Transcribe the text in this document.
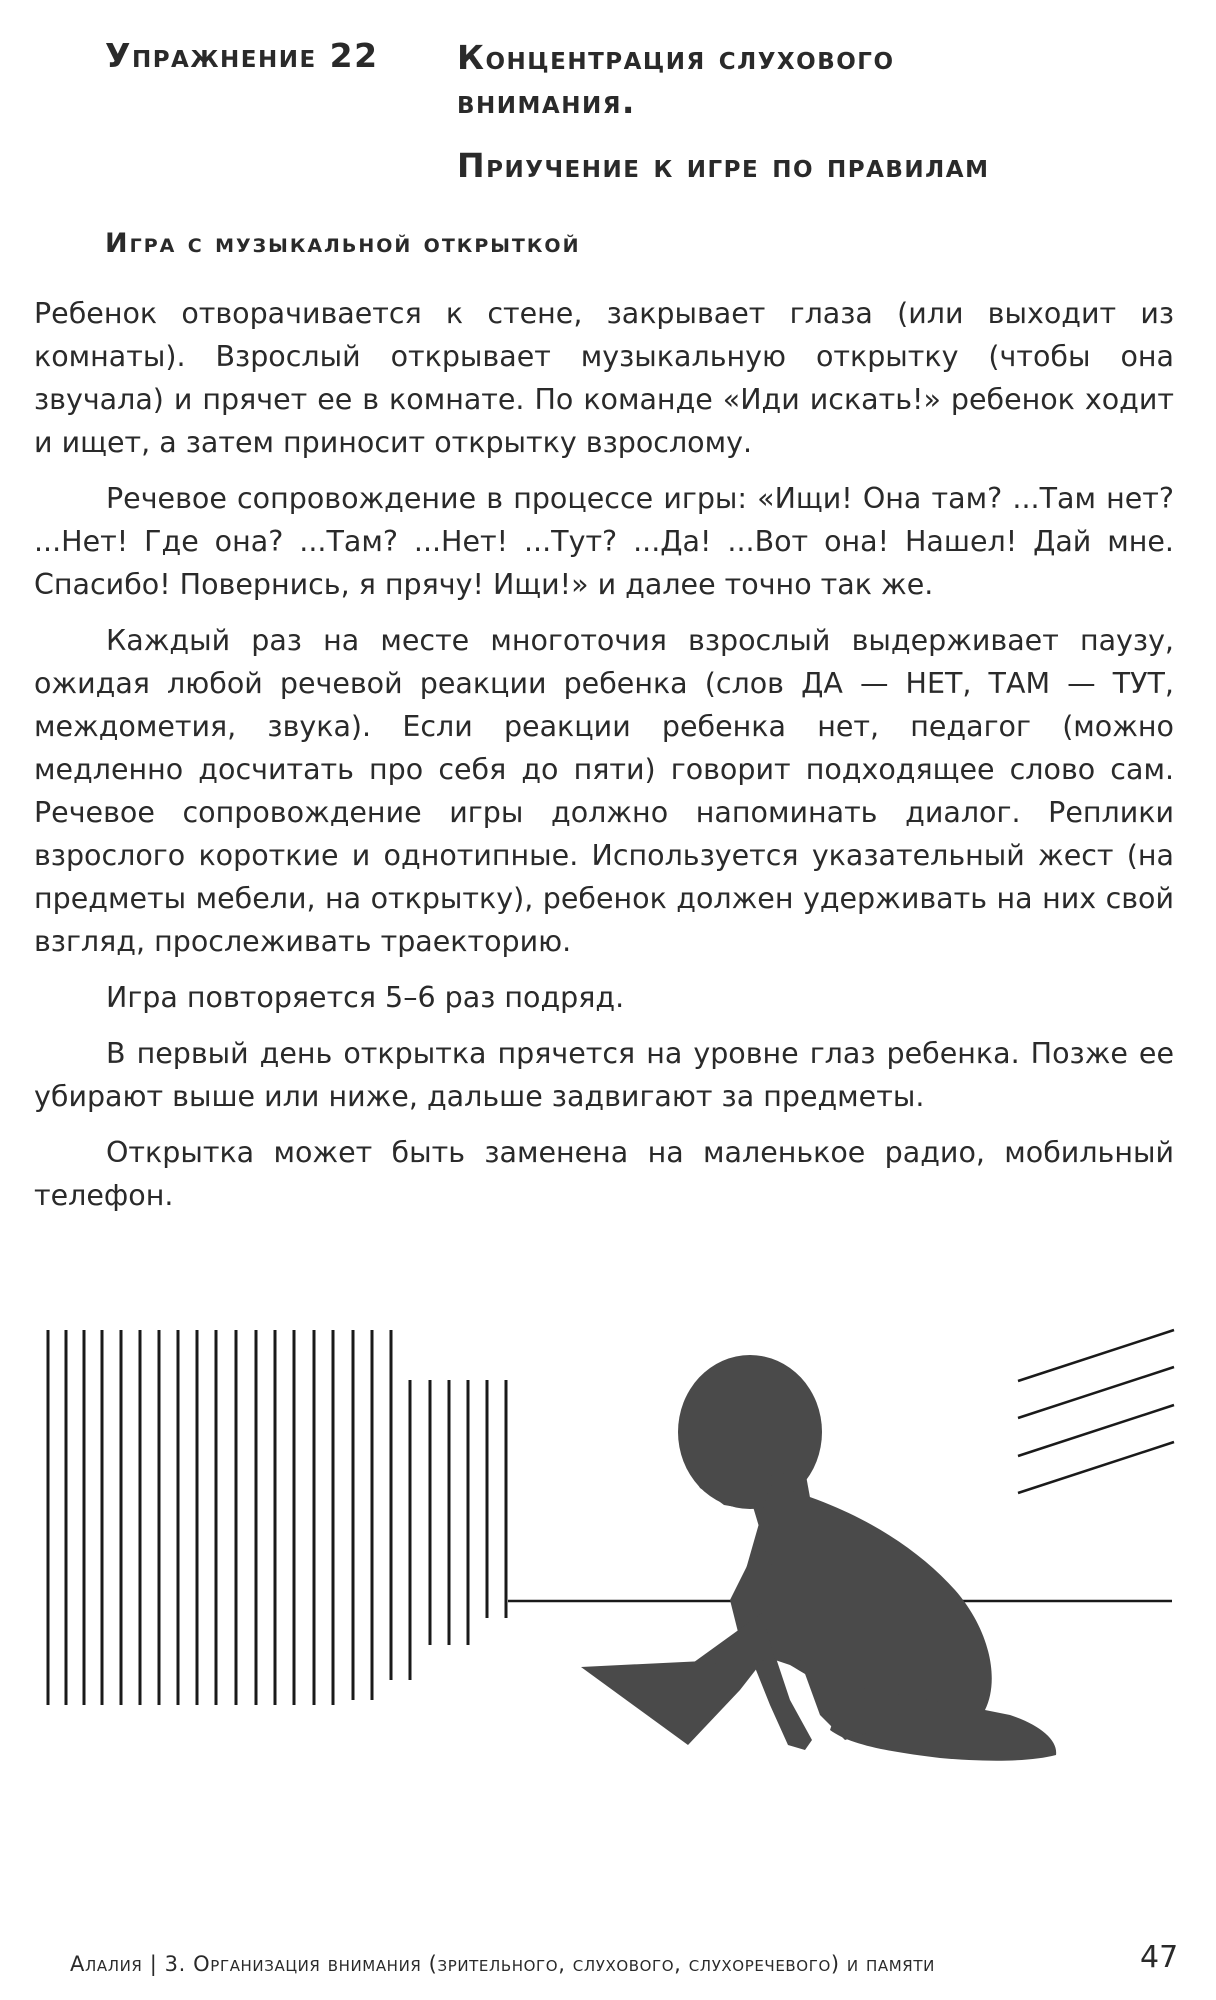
Упражнение 22 Концентрация слухового
внимания.
Приучение к игре по правилам
Игра с музыкальной открыткой

Ребенок отворачивается к стене, закрывает глаза (или выходит из комнаты). Взрослый открывает музыкальную открытку (чтобы она звучала) и прячет ее в комнате. По команде «Иди искать!» ребенок ходит и ищет, а затем приносит открытку взрослому.

Речевое сопровождение в процессе игры: «Ищи! Она там? ...Там нет? ...Нет! Где она? ...Там? ...Нет! ...Тут? ...Да! ...Вот она! Нашел! Дай мне. Спасибо! Повернись, я прячу! Ищи!» и далее точно так же.

Каждый раз на месте многоточия взрослый выдерживает паузу, ожидая любой речевой реакции ребенка (слов ДА — НЕТ, ТАМ — ТУТ, междометия, звука). Если реакции ребенка нет, педагог (можно медленно досчитать про себя до пяти) говорит подходящее слово сам. Речевое сопровождение игры должно напоминать диалог. Реплики взрослого короткие и однотипные. Используется указательный жест (на предметы мебели, на открытку), ребенок должен удерживать на них свой взгляд, прослеживать траекторию.

Игра повторяется 5–6 раз подряд.

В первый день открытка прячется на уровне глаз ребенка. Позже ее убирают выше или ниже, дальше задвигают за предметы.

Открытка может быть заменена на маленькое радио, мобильный телефон.

Алалия | 3. Организация внимания (зрительного, слухового, слухоречевого) и памяти	47
